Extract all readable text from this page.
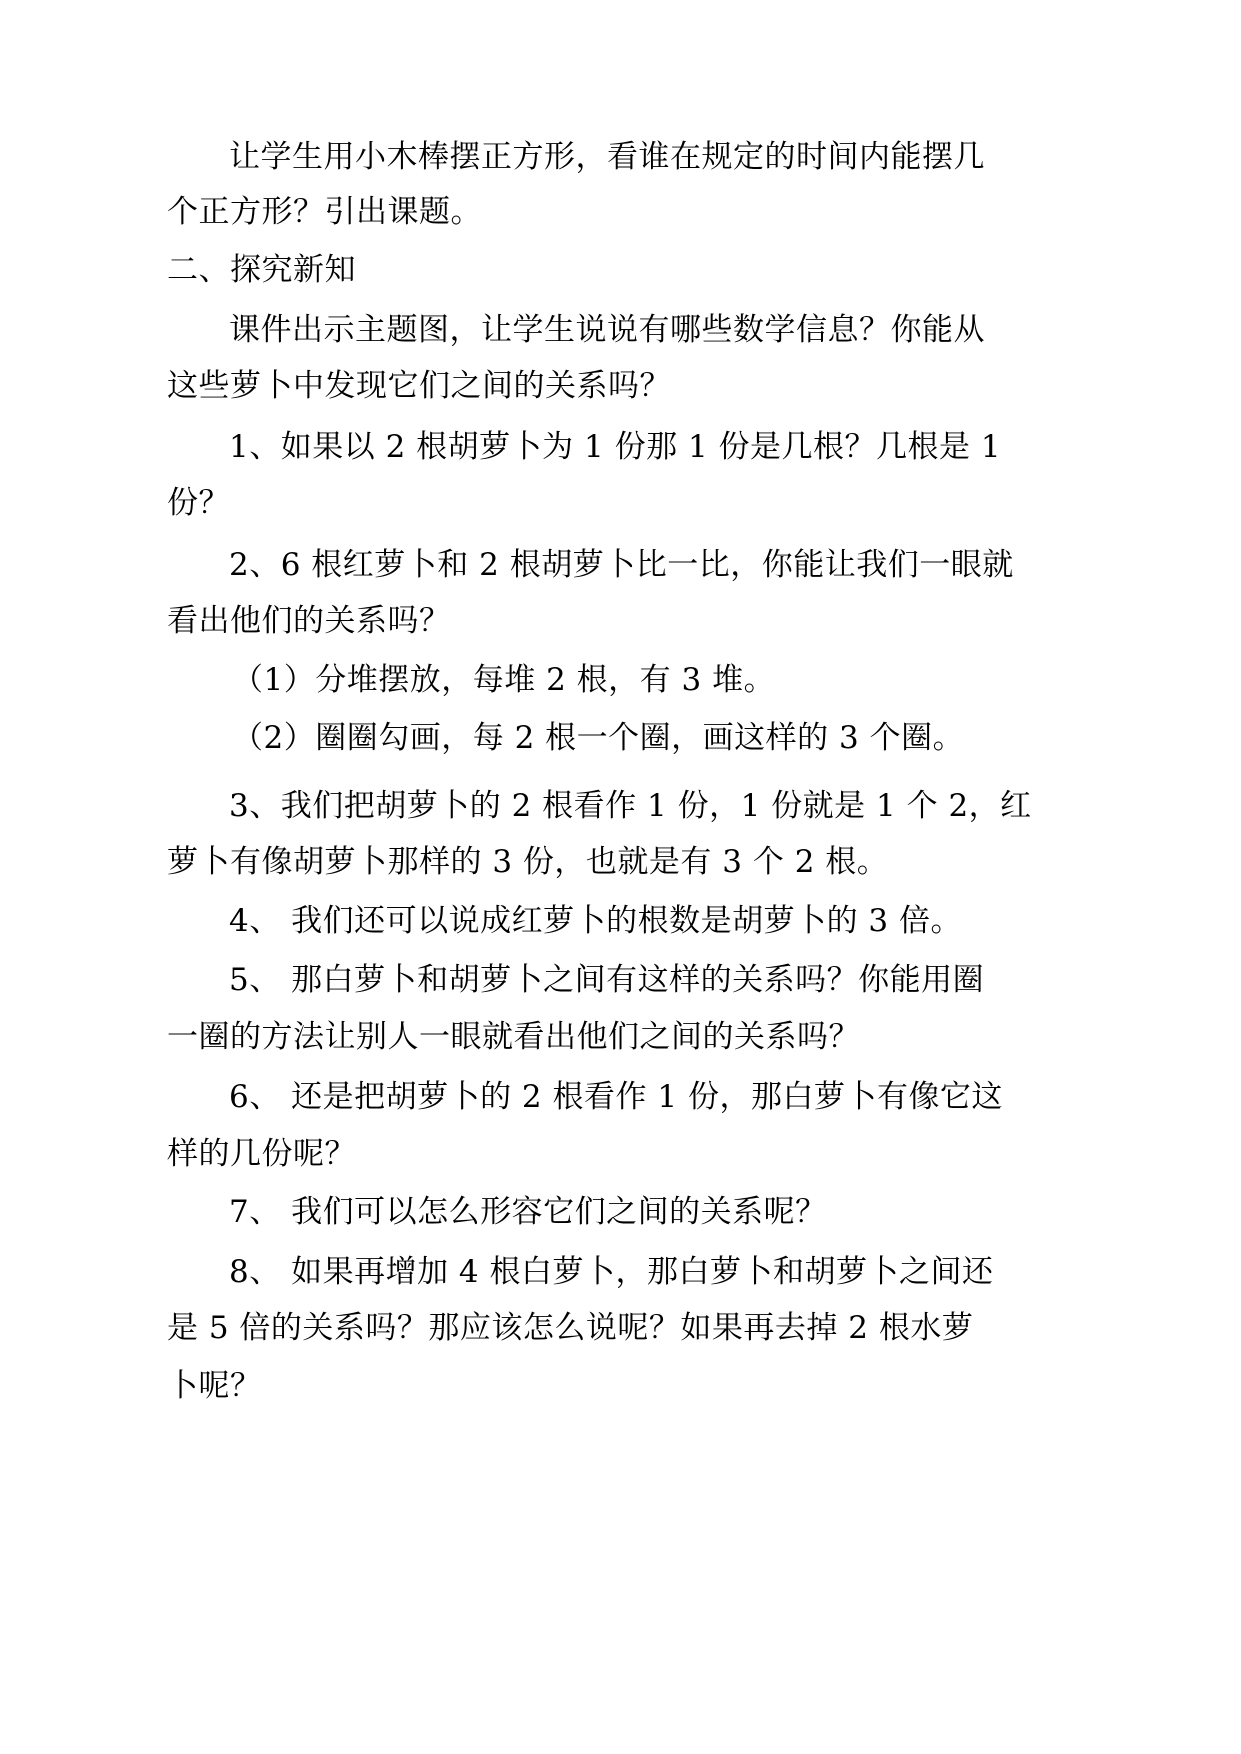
让学生用小木棒摆正方形，看谁在规定的时间内能摆几
个正方形？引出课题。
二、探究新知
课件出示主题图，让学生说说有哪些数学信息？你能从
这些萝卜中发现它们之间的关系吗？
1、如果以 2 根胡萝卜为 1 份那 1 份是几根？几根是 1
份？
2、6 根红萝卜和 2 根胡萝卜比一比，你能让我们一眼就
看出他们的关系吗？
（1）分堆摆放，每堆 2 根，有 3 堆。
（2）圈圈勾画，每 2 根一个圈，画这样的 3 个圈。
3、我们把胡萝卜的 2 根看作 1 份，1 份就是 1 个 2，红
萝卜有像胡萝卜那样的 3 份，也就是有 3 个 2 根。
4、 我们还可以说成红萝卜的根数是胡萝卜的 3 倍。
5、 那白萝卜和胡萝卜之间有这样的关系吗？你能用圈
一圈的方法让别人一眼就看出他们之间的关系吗？
6、 还是把胡萝卜的 2 根看作 1 份，那白萝卜有像它这
样的几份呢？
7、 我们可以怎么形容它们之间的关系呢？
8、 如果再增加 4 根白萝卜，那白萝卜和胡萝卜之间还
是 5 倍的关系吗？那应该怎么说呢？如果再去掉 2 根水萝
卜呢？
